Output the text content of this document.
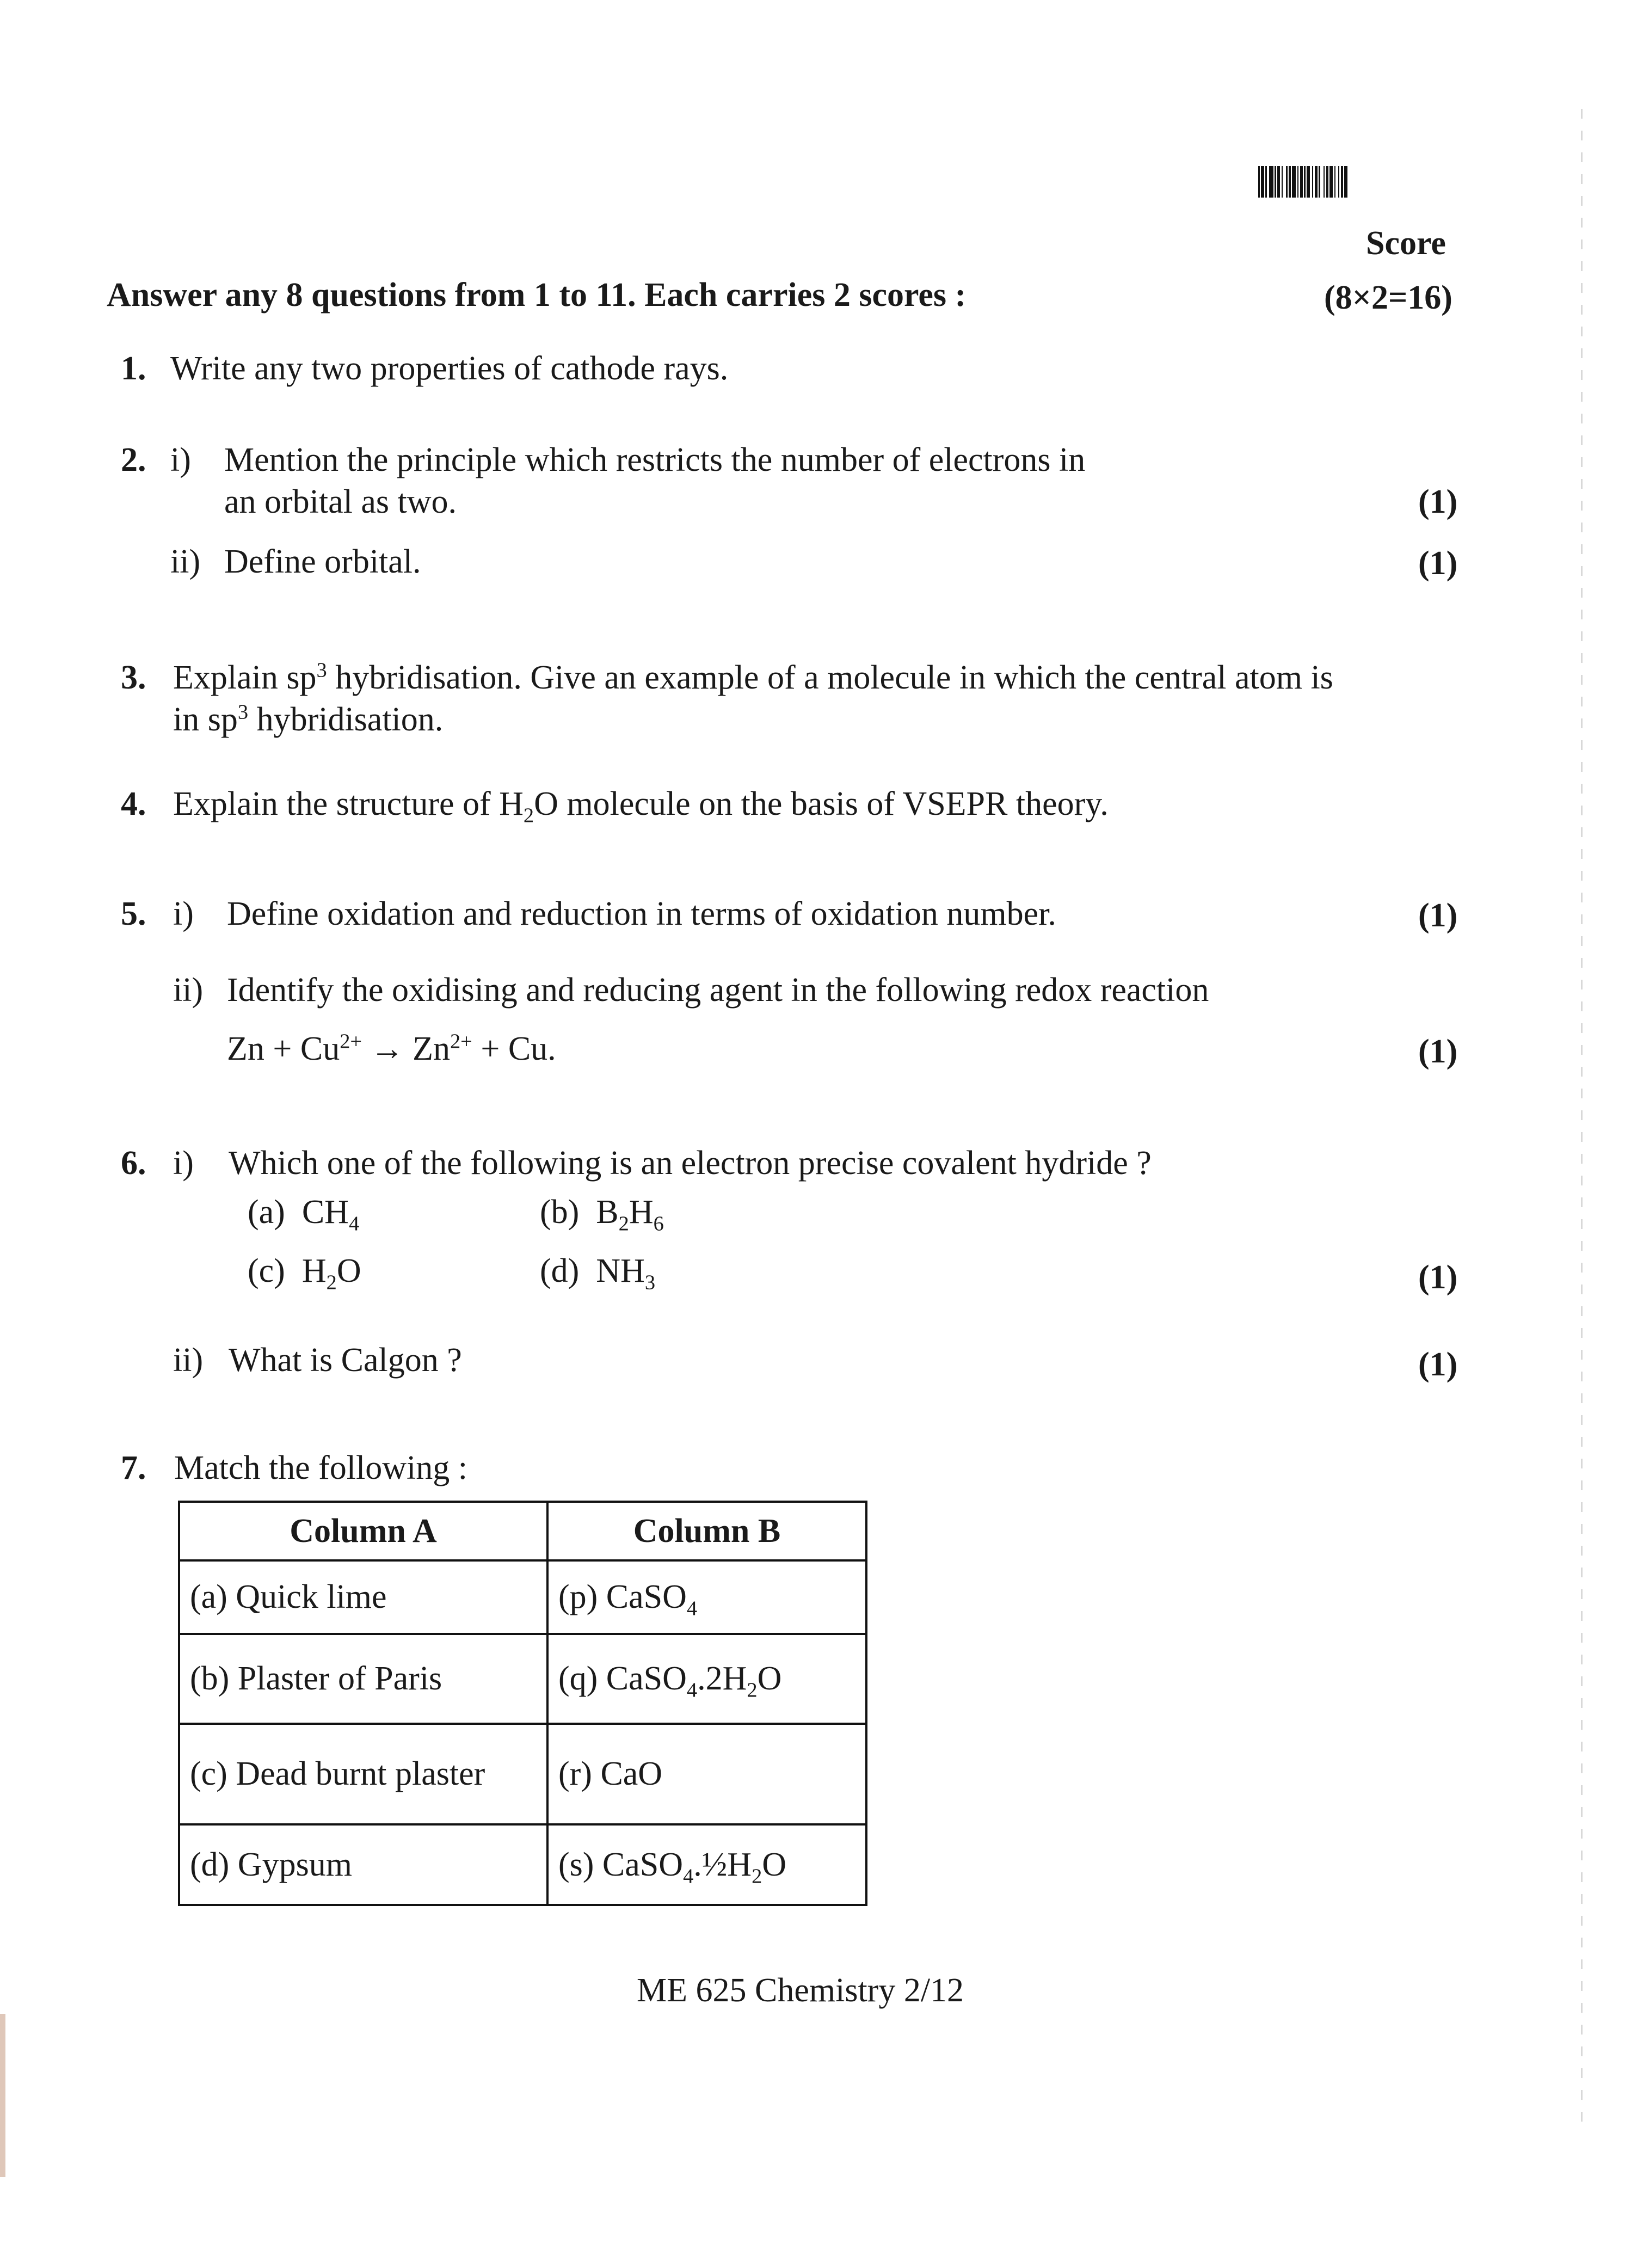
Score
Answer any 8 questions from 1 to 11. Each carries 2 scores :	(8×2=16)
1. Write any two properties of cathode rays.
2. i) Mention the principle which restricts the number of electrons in
an orbital as two.	(1)
ii) Define orbital.	(1)
3. Explain $sp^3$ hybridisation. Give an example of a molecule in which the central atom is
in $sp^3$ hybridisation.
4. Explain the structure of $H_2O$ molecule on the basis of VSEPR theory.
5. i) Define oxidation and reduction in terms of oxidation number.	(1)
ii) Identify the oxidising and reducing agent in the following redox reaction
$Zn + Cu^{2+} \to Zn^{2+} + Cu$.	(1)
6. i) Which one of the following is an electron precise covalent hydride ?
(a) $CH_4$	(b) $B_2H_6$
(c) $H_2O$	(d) $NH_3$	(1)
ii) What is Calgon ?	(1)
7. Match the following :
Column A	Column B
(a) Quick lime	(p) CaSO$_4$
(b) Plaster of Paris	(q) $CaSO_4.2H_2O$
(c) Dead burnt plaster	(r) CaO
(d) Gypsum	(s) $CaSO_4.\frac{1}{2}H_2O$
ME 625 Chemistry 2/12
